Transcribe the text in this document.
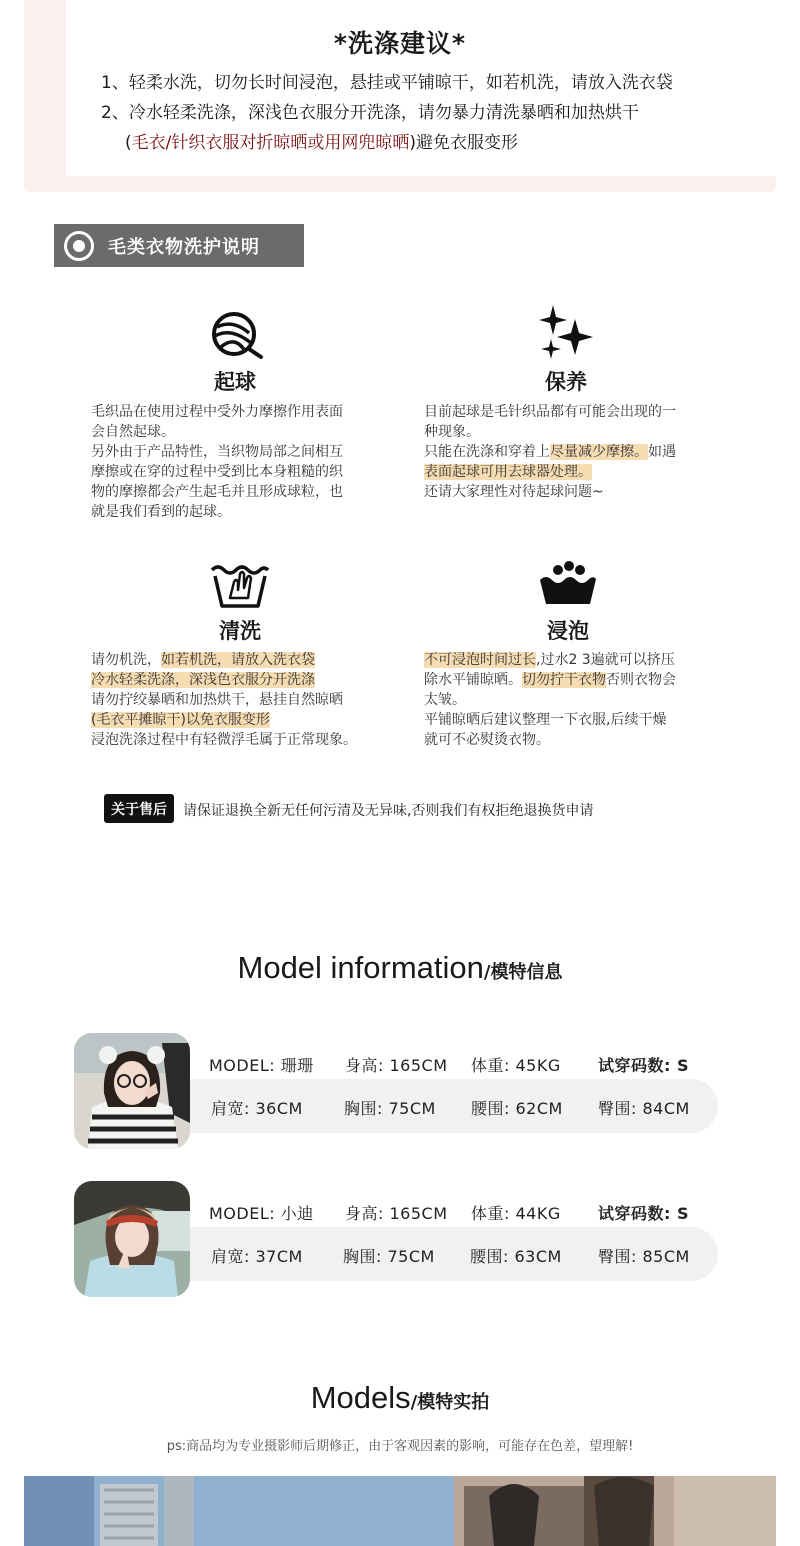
*洗涤建议*
1、轻柔水洗，切勿长时间浸泡，悬挂或平铺晾干，如若机洗，请放入洗衣袋
2、冷水轻柔洗涤，深浅色衣服分开洗涤，请勿暴力清洗暴晒和加热烘干
(毛衣/针织衣服对折晾晒或用网兜晾晒)避免衣服变形
毛类衣物洗护说明
起球
毛织品在使用过程中受外力摩擦作用表面
会自然起球。
另外由于产品特性，当织物局部之间相互
摩擦或在穿的过程中受到比本身粗糙的织
物的摩擦都会产生起毛并且形成球粒，也
就是我们看到的起球。
保养
目前起球是毛针织品都有可能会出现的一
种现象。
只能在洗涤和穿着上尽量减少摩擦。如遇
表面起球可用去球器处理。
还请大家理性对待起球问题~
清洗
请勿机洗，如若机洗，请放入洗衣袋
冷水轻柔洗涤，深浅色衣服分开洗涤
请勿拧绞暴晒和加热烘干，悬挂自然晾晒
(毛衣平摊晾干)以免衣服变形
浸泡洗涤过程中有轻微浮毛属于正常现象。
浸泡
不可浸泡时间过长,过水2 3遍就可以挤压
除水平铺晾晒。切勿拧干衣物否则衣物会
太皱。
平铺晾晒后建议整理一下衣服,后续干燥
就可不必熨烫衣物。
关于售后	请保证退换全新无任何污清及无异味,否则我们有权拒绝退换货申请
Model information/模特信息
MODEL: 珊珊 身高: 165CM 体重: 45KG 试穿码数: S
肩宽: 36CM	胸围: 75CM 腰围: 62CM 臀围: 84CM
MODEL: 小迪 身高: 165CM 体重: 44KG 试穿码数: S
肩宽: 37CM	胸围: 75CM 腰围: 63CM 臀围: 85CM
Models/模特实拍
ps:商品均为专业摄影师后期修正，由于客观因素的影响，可能存在色差，望理解!
